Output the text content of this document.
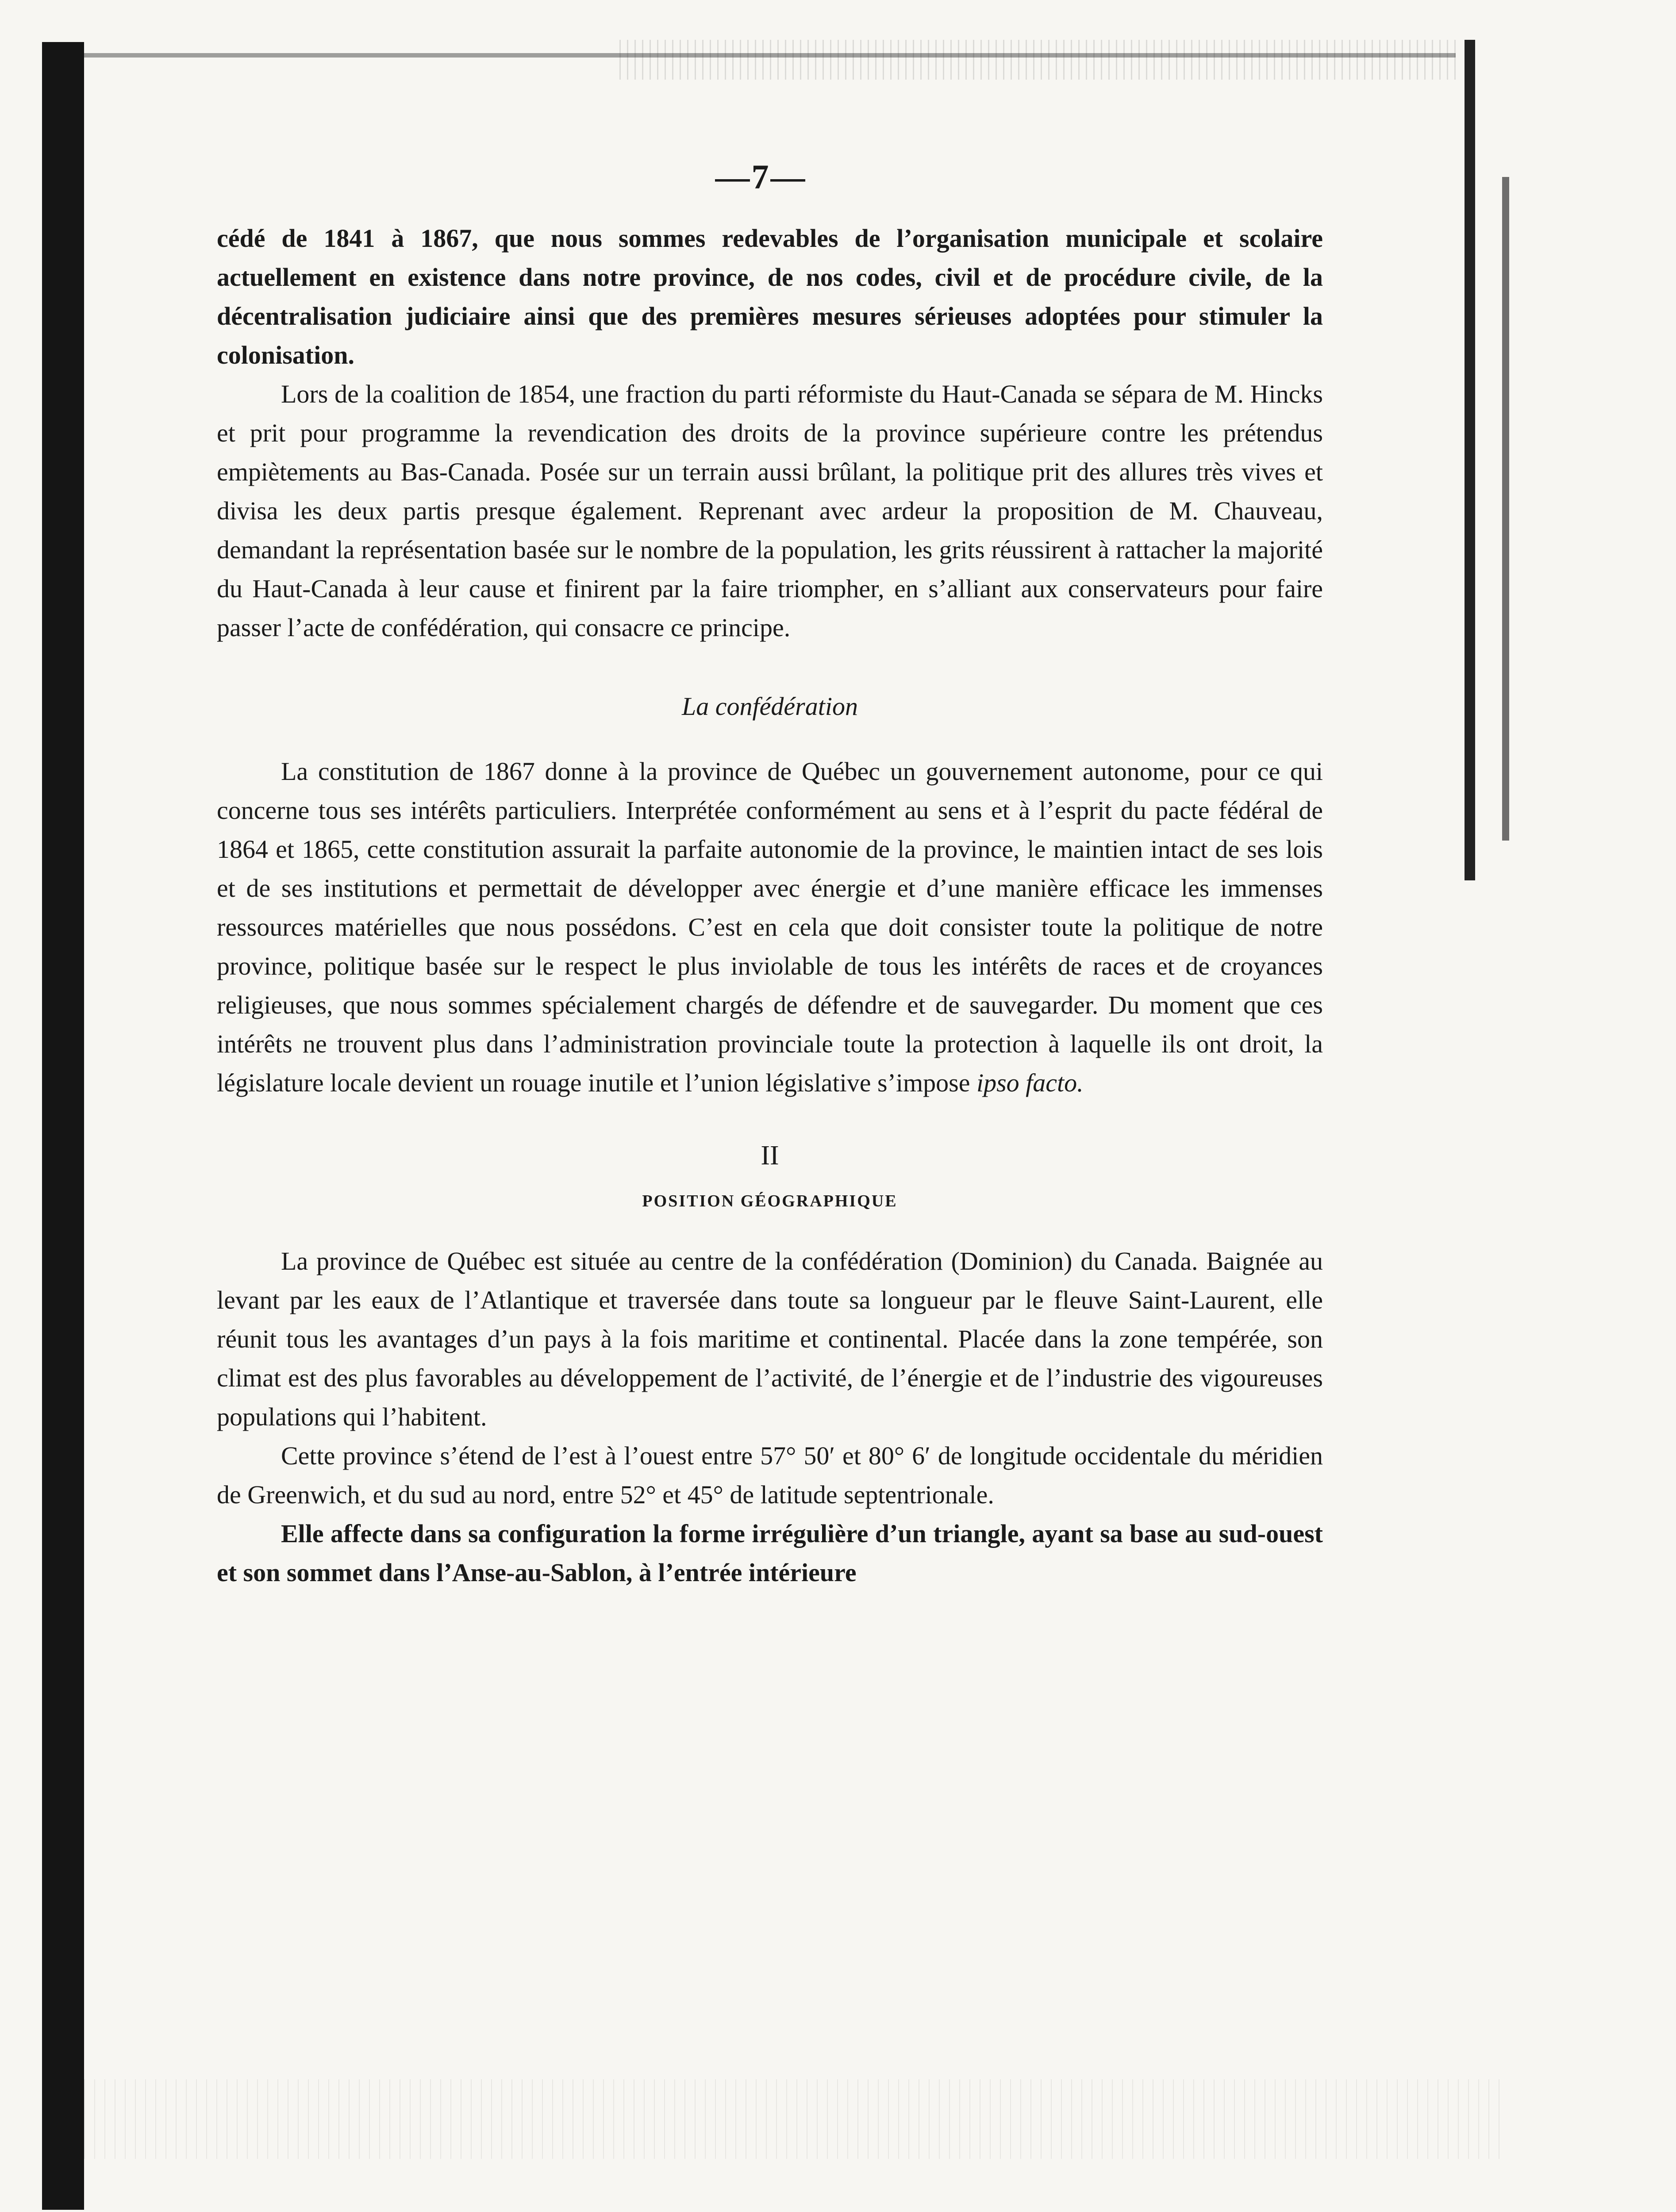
—7—

cédé de 1841 à 1867, que nous sommes redevables de l’organisation municipale et scolaire actuellement en existence dans notre province, de nos codes, civil et de procédure civile, de la décentralisation judiciaire ainsi que des premières mesures sérieuses adoptées pour stimuler la colonisation.

Lors de la coalition de 1854, une fraction du parti réformiste du Haut-Canada se sépara de M. Hincks et prit pour programme la revendication des droits de la province supérieure contre les prétendus empiètements au Bas-Canada. Posée sur un terrain aussi brûlant, la politique prit des allures très vives et divisa les deux partis presque également. Reprenant avec ardeur la proposition de M. Chauveau, demandant la représentation basée sur le nombre de la population, les grits réussirent à rattacher la majorité du Haut-Canada à leur cause et finirent par la faire triompher, en s’alliant aux conservateurs pour faire passer l’acte de confédération, qui consacre ce principe.

La confédération

La constitution de 1867 donne à la province de Québec un gouvernement autonome, pour ce qui concerne tous ses intérêts particuliers. Interprétée conformément au sens et à l’esprit du pacte fédéral de 1864 et 1865, cette constitution assurait la parfaite autonomie de la province, le maintien intact de ses lois et de ses institutions et permettait de développer avec énergie et d’une manière efficace les immenses ressources matérielles que nous possédons. C’est en cela que doit consister toute la politique de notre province, politique basée sur le respect le plus inviolable de tous les intérêts de races et de croyances religieuses, que nous sommes spécialement chargés de défendre et de sauvegarder. Du moment que ces intérêts ne trouvent plus dans l’administration provinciale toute la protection à laquelle ils ont droit, la législature locale devient un rouage inutile et l’union législative s’impose ipso facto.

II
POSITION GÉOGRAPHIQUE

La province de Québec est située au centre de la confédération (Dominion) du Canada. Baignée au levant par les eaux de l’Atlantique et traversée dans toute sa longueur par le fleuve Saint-Laurent, elle réunit tous les avantages d’un pays à la fois maritime et continental. Placée dans la zone tempérée, son climat est des plus favorables au développement de l’activité, de l’énergie et de l’industrie des vigoureuses populations qui l’habitent.

Cette province s’étend de l’est à l’ouest entre 57° 50′ et 80° 6′ de longitude occidentale du méridien de Greenwich, et du sud au nord, entre 52° et 45° de latitude septentrionale.

Elle affecte dans sa configuration la forme irrégulière d’un triangle, ayant sa base au sud-ouest et son sommet dans l’Anse-au-Sablon, à l’entrée intérieure
